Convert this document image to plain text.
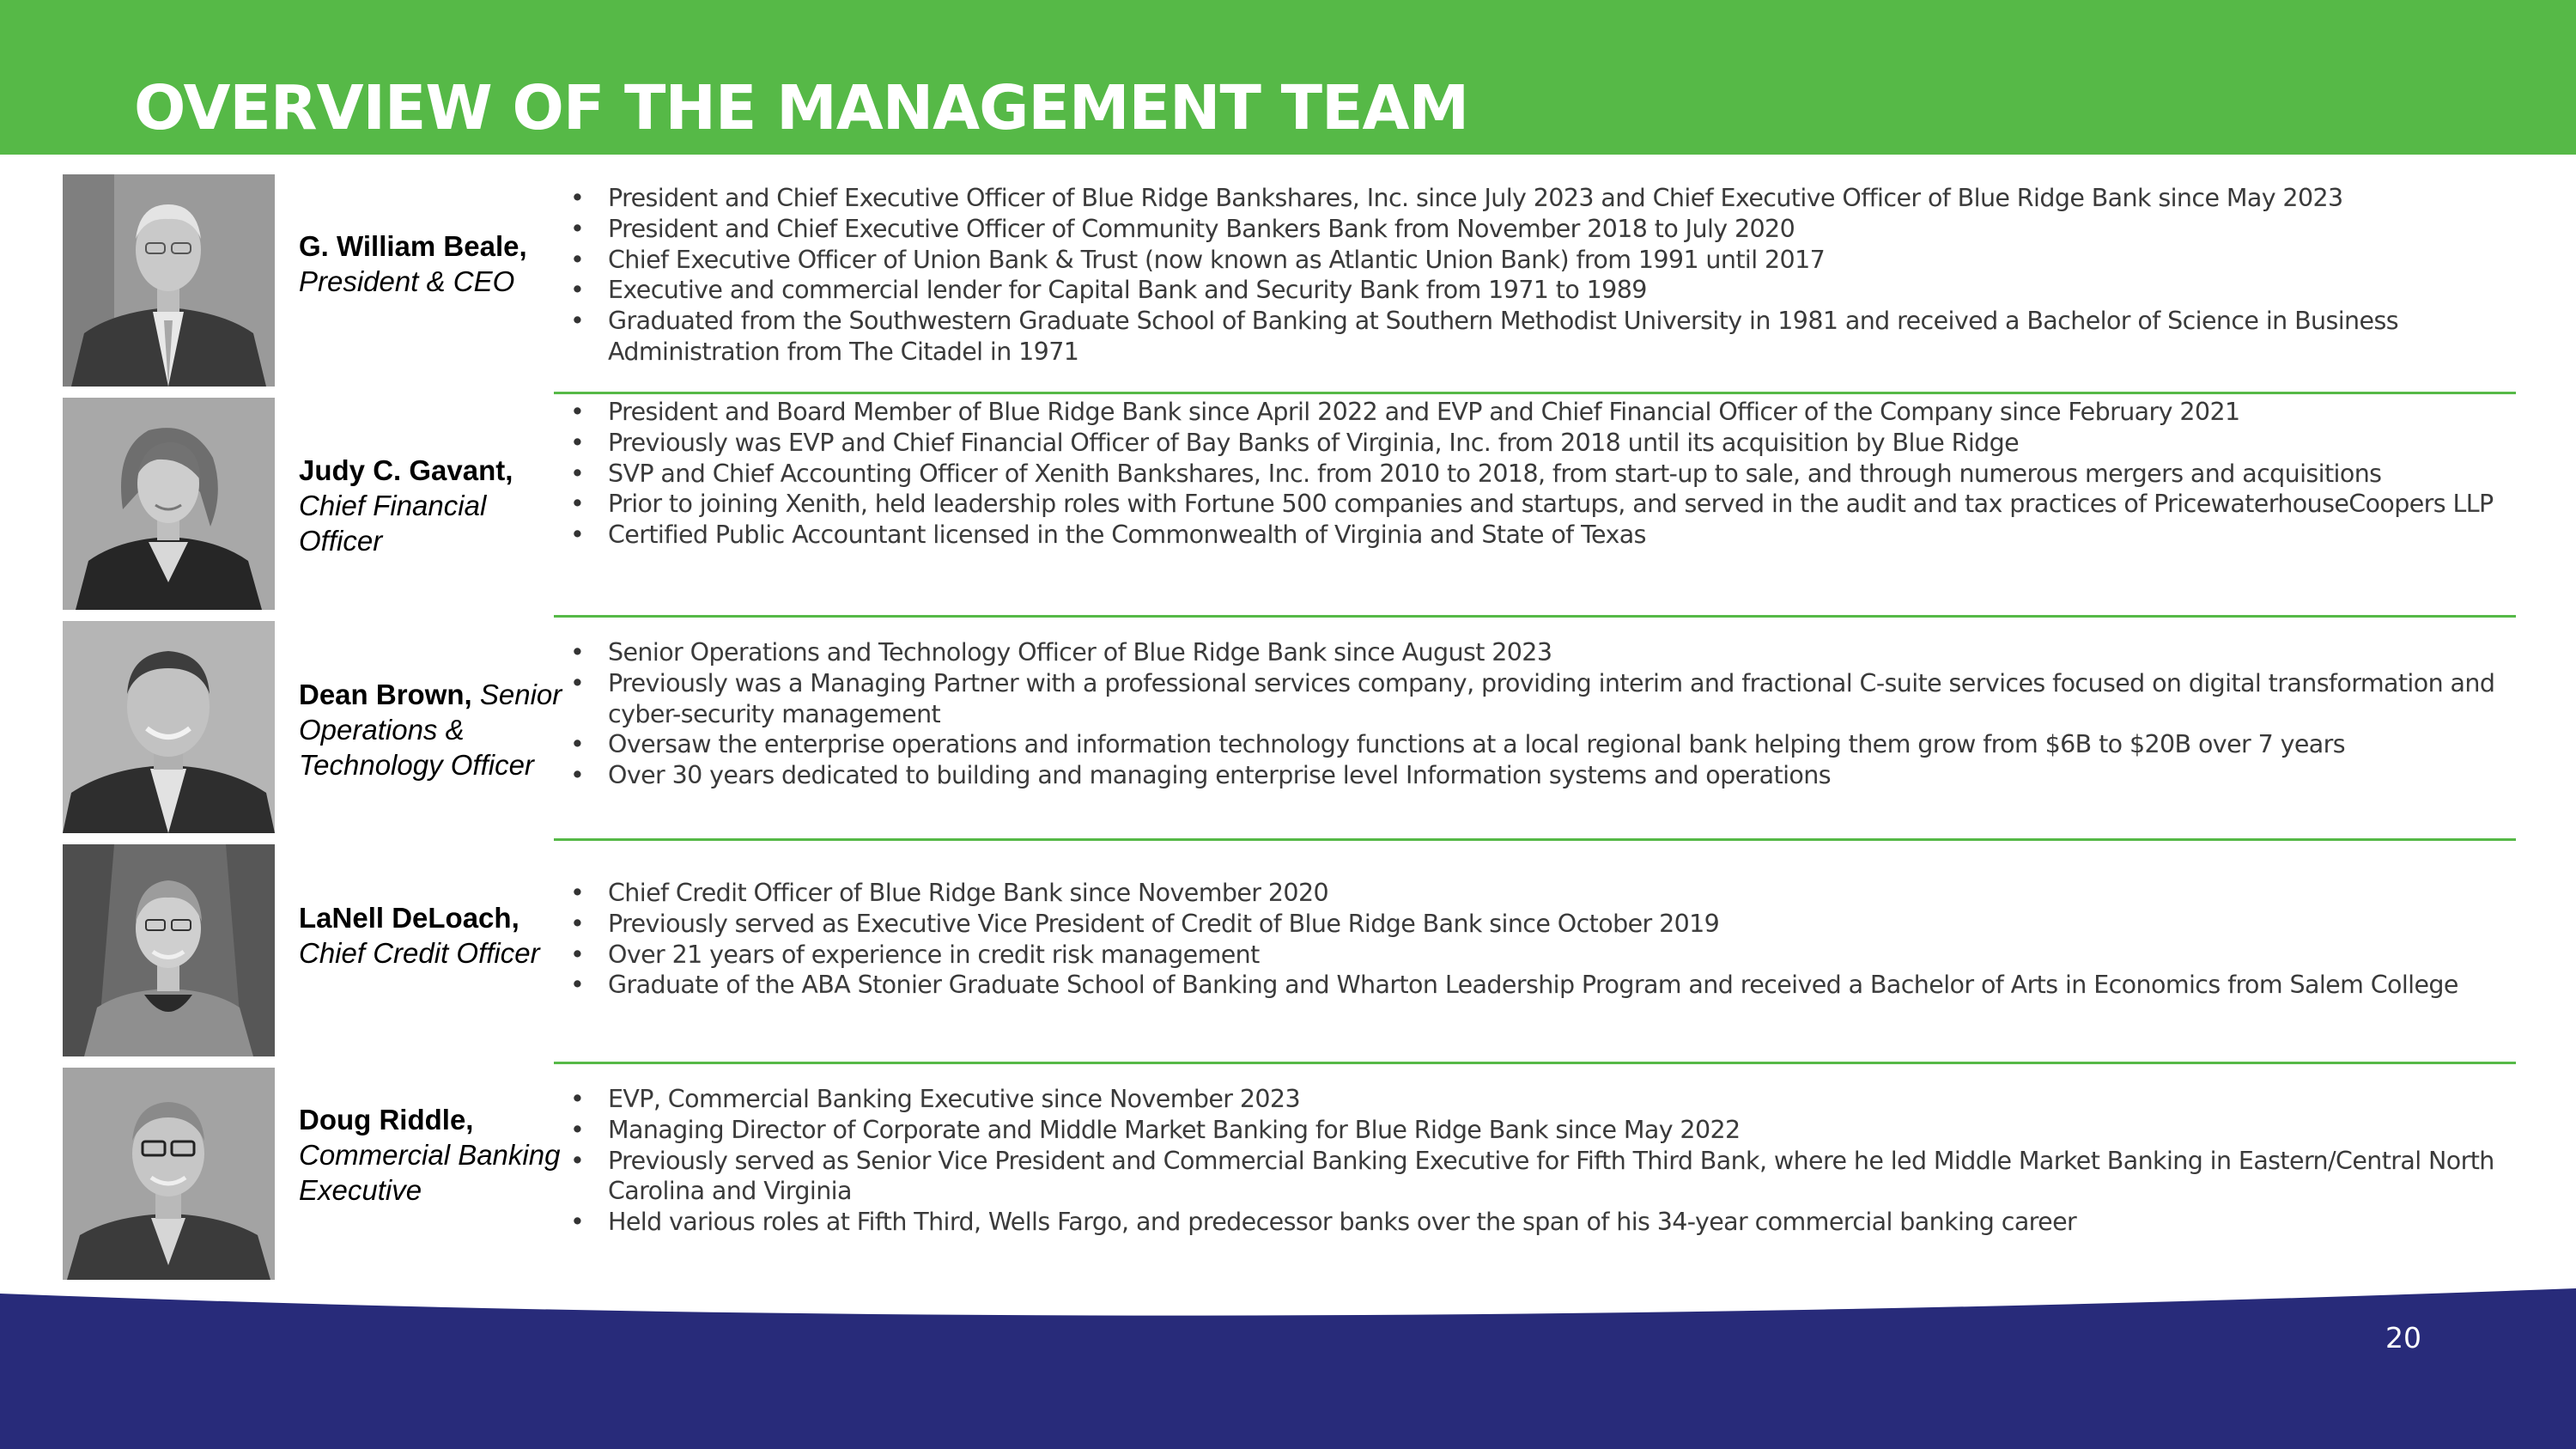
OVERVIEW OF THE MANAGEMENT TEAM
G. William Beale, President & CEO
• President and Chief Executive Officer of Blue Ridge Bankshares, Inc. since July 2023 and Chief Executive Officer of Blue Ridge Bank since May 2023
• President and Chief Executive Officer of Community Bankers Bank from November 2018 to July 2020
• Chief Executive Officer of Union Bank & Trust (now known as Atlantic Union Bank) from 1991 until 2017
• Executive and commercial lender for Capital Bank and Security Bank from 1971 to 1989
• Graduated from the Southwestern Graduate School of Banking at Southern Methodist University in 1981 and received a Bachelor of Science in Business Administration from The Citadel in 1971
Judy C. Gavant, Chief Financial Officer
• President and Board Member of Blue Ridge Bank since April 2022 and EVP and Chief Financial Officer of the Company since February 2021
• Previously was EVP and Chief Financial Officer of Bay Banks of Virginia, Inc. from 2018 until its acquisition by Blue Ridge
• SVP and Chief Accounting Officer of Xenith Bankshares, Inc. from 2010 to 2018, from start-up to sale, and through numerous mergers and acquisitions
• Prior to joining Xenith, held leadership roles with Fortune 500 companies and startups, and served in the audit and tax practices of PricewaterhouseCoopers LLP
• Certified Public Accountant licensed in the Commonwealth of Virginia and State of Texas
Dean Brown, Senior Operations & Technology Officer
• Senior Operations and Technology Officer of Blue Ridge Bank since August 2023
• Previously was a Managing Partner with a professional services company, providing interim and fractional C-suite services focused on digital transformation and cyber-security management
• Oversaw the enterprise operations and information technology functions at a local regional bank helping them grow from $6B to $20B over 7 years
• Over 30 years dedicated to building and managing enterprise level Information systems and operations
LaNell DeLoach, Chief Credit Officer
• Chief Credit Officer of Blue Ridge Bank since November 2020
• Previously served as Executive Vice President of Credit of Blue Ridge Bank since October 2019
• Over 21 years of experience in credit risk management
• Graduate of the ABA Stonier Graduate School of Banking and Wharton Leadership Program and received a Bachelor of Arts in Economics from Salem College
Doug Riddle, Commercial Banking Executive
• EVP, Commercial Banking Executive since November 2023
• Managing Director of Corporate and Middle Market Banking for Blue Ridge Bank since May 2022
• Previously served as Senior Vice President and Commercial Banking Executive for Fifth Third Bank, where he led Middle Market Banking in Eastern/Central North Carolina and Virginia
• Held various roles at Fifth Third, Wells Fargo, and predecessor banks over the span of his 34-year commercial banking career
20
